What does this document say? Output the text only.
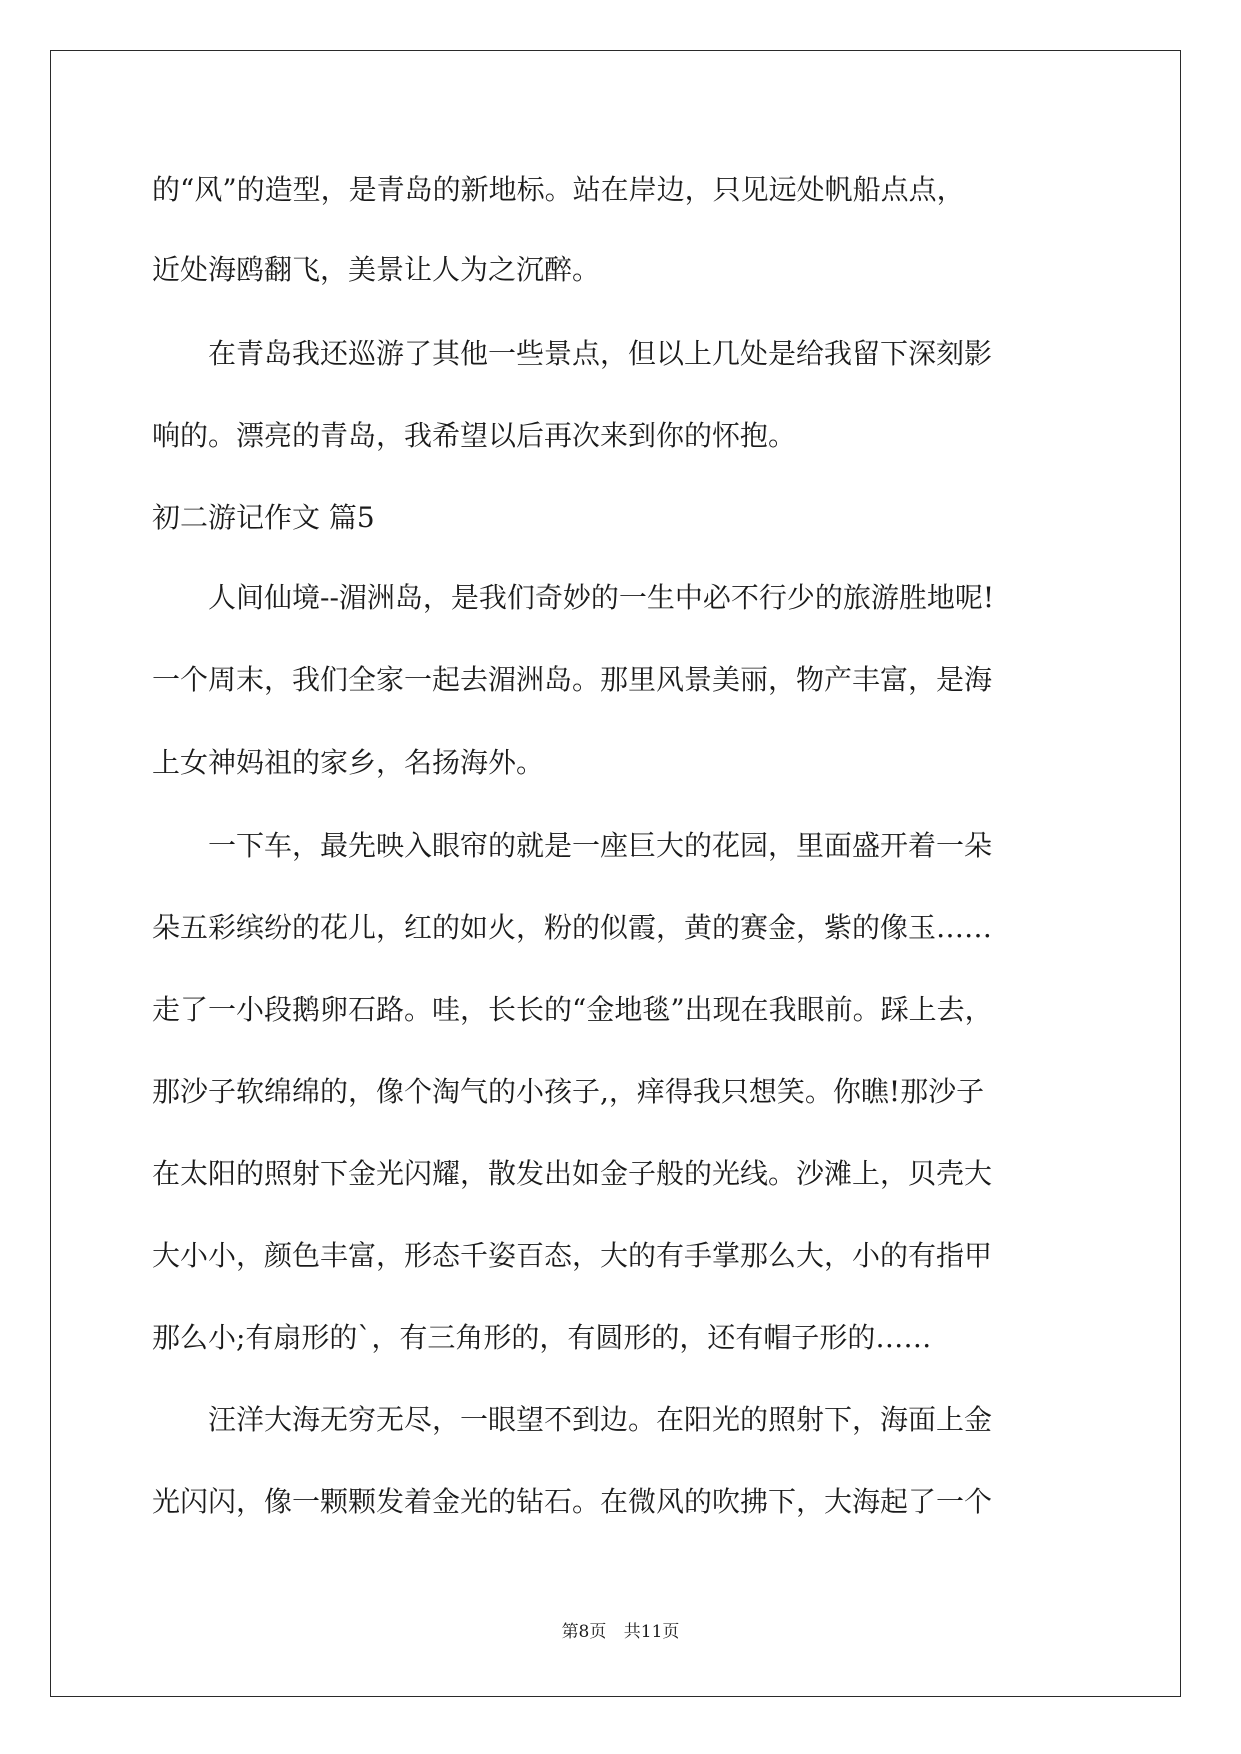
的“风”的造型，是青岛的新地标。站在岸边，只见远处帆船点点，
近处海鸥翻飞，美景让人为之沉醉。
　　在青岛我还巡游了其他一些景点，但以上几处是给我留下深刻影
响的。漂亮的青岛，我希望以后再次来到你的怀抱。
初二游记作文 篇5
　　人间仙境--湄洲岛，是我们奇妙的一生中必不行少的旅游胜地呢!
一个周末，我们全家一起去湄洲岛。那里风景美丽，物产丰富，是海
上女神妈祖的家乡，名扬海外。
　　一下车，最先映入眼帘的就是一座巨大的花园，里面盛开着一朵
朵五彩缤纷的花儿，红的如火，粉的似霞，黄的赛金，紫的像玉……
走了一小段鹅卵石路。哇，长长的“金地毯”出现在我眼前。踩上去，
那沙子软绵绵的，像个淘气的小孩子,，痒得我只想笑。你瞧!那沙子
在太阳的照射下金光闪耀，散发出如金子般的光线。沙滩上，贝壳大
大小小，颜色丰富，形态千姿百态，大的有手掌那么大，小的有指甲
那么小;有扇形的`，有三角形的，有圆形的，还有帽子形的……
　　汪洋大海无穷无尽，一眼望不到边。在阳光的照射下，海面上金
光闪闪，像一颗颗发着金光的钻石。在微风的吹拂下，大海起了一个
第8页 共11页
